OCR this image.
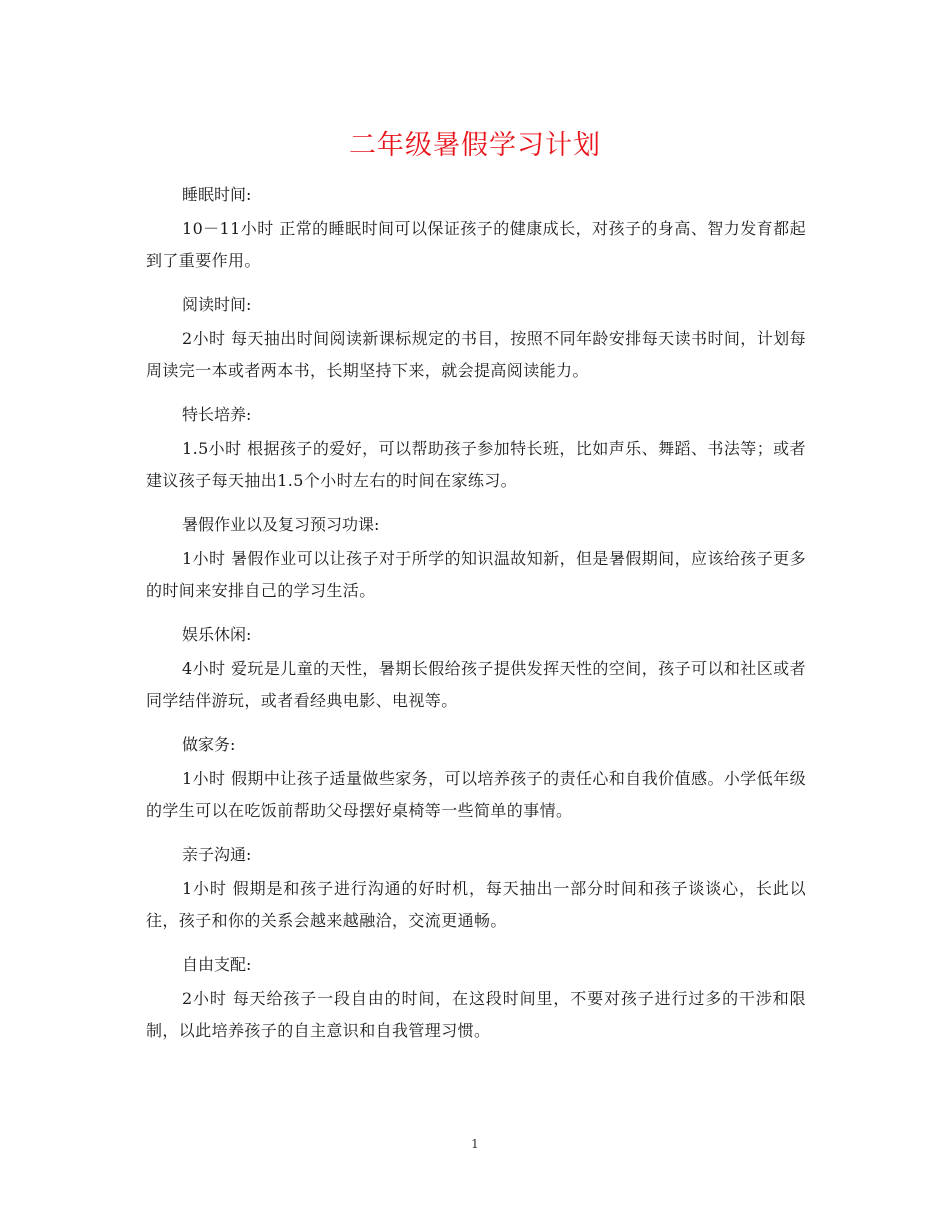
二年级暑假学习计划

睡眠时间:

10－11小时 正常的睡眠时间可以保证孩子的健康成长，对孩子的身高、智力发育都起到了重要作用。

阅读时间:

2小时 每天抽出时间阅读新课标规定的书目，按照不同年龄安排每天读书时间，计划每周读完一本或者两本书，长期坚持下来，就会提高阅读能力。

特长培养:

1.5小时 根据孩子的爱好，可以帮助孩子参加特长班，比如声乐、舞蹈、书法等；或者建议孩子每天抽出1.5个小时左右的时间在家练习。

暑假作业以及复习预习功课:

1小时 暑假作业可以让孩子对于所学的知识温故知新，但是暑假期间，应该给孩子更多的时间来安排自己的学习生活。

娱乐休闲:

4小时 爱玩是儿童的天性，暑期长假给孩子提供发挥天性的空间，孩子可以和社区或者同学结伴游玩，或者看经典电影、电视等。

做家务:

1小时 假期中让孩子适量做些家务，可以培养孩子的责任心和自我价值感。小学低年级的学生可以在吃饭前帮助父母摆好桌椅等一些简单的事情。

亲子沟通:

1小时 假期是和孩子进行沟通的好时机，每天抽出一部分时间和孩子谈谈心，长此以往，孩子和你的关系会越来越融洽，交流更通畅。

自由支配:

2小时 每天给孩子一段自由的时间，在这段时间里，不要对孩子进行过多的干涉和限制，以此培养孩子的自主意识和自我管理习惯。

1
